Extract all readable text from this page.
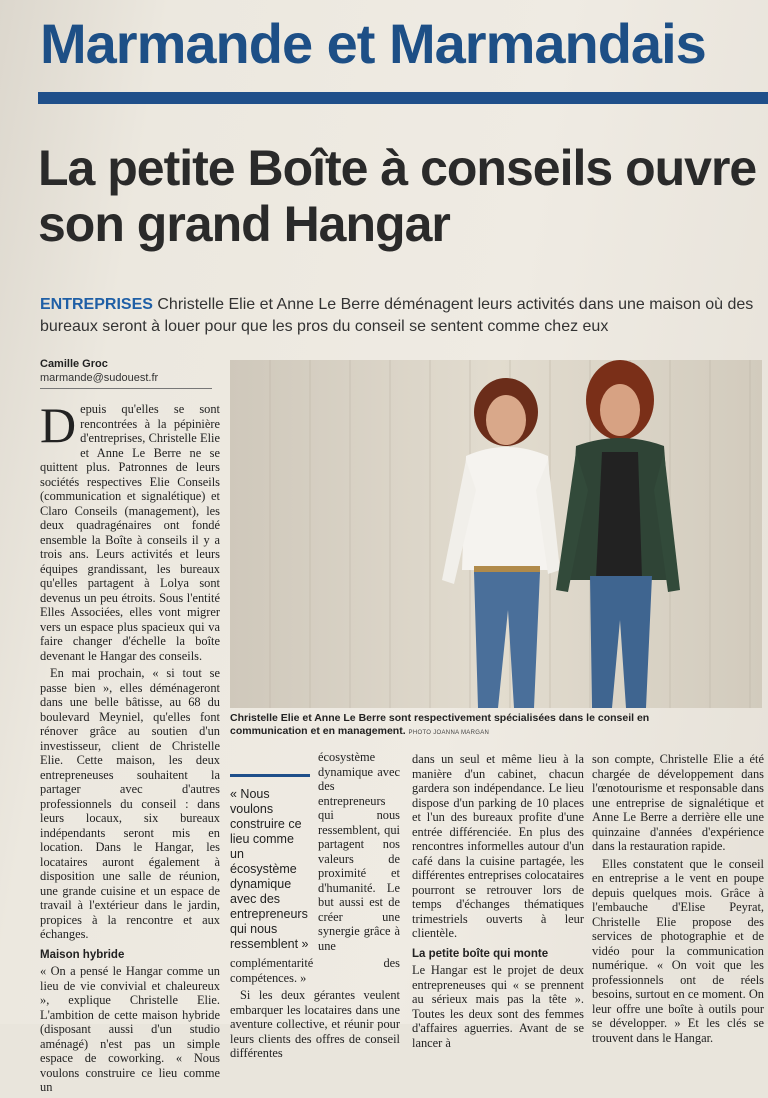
Marmande et Marmandais
La petite Boîte à conseils ouvre son grand Hangar
ENTREPRISES Christelle Elie et Anne Le Berre déménagent leurs activités dans une maison où des bureaux seront à louer pour que les pros du conseil se sentent comme chez eux
Camille Groc
marmande@sudouest.fr

Depuis qu'elles se sont rencontrées à la pépinière d'entreprises, Christelle Elie et Anne Le Berre ne se quittent plus. Patronnes de leurs sociétés respectives Elie Conseils (communication et signalétique) et Claro Conseils (management), les deux quadragénaires ont fondé ensemble la Boîte à conseils il y a trois ans. Leurs activités et leurs équipes grandissant, les bureaux qu'elles partagent à Lolya sont devenus un peu étroits. Sous l'entité Elles Associées, elles vont migrer vers un espace plus spacieux qui va faire changer d'échelle la boîte devenant le Hangar des conseils.

En mai prochain, « si tout se passe bien », elles déménageront dans une belle bâtisse, au 68 du boulevard Meyniel, qu'elles font rénover grâce au soutien d'un investisseur, client de Christelle Elie. Cette maison, les deux entrepreneuses souhaitent la partager avec d'autres professionnels du conseil : dans leurs locaux, six bureaux indépendants seront mis en location. Dans le Hangar, les locataires auront également à disposition une salle de réunion, une grande cuisine et un espace de travail à l'extérieur dans le jardin, propices à la rencontre et aux échanges.

Maison hybride

« On a pensé le Hangar comme un lieu de vie convivial et chaleureux », explique Christelle Elie. L'ambition de cette maison hybride (disposant aussi d'un studio aménagé) n'est pas un simple espace de coworking. « Nous voulons construire ce lieu comme un

Christelle Elie et Anne Le Berre sont respectivement spécialisées dans le conseil en communication et en management. PHOTO JOANNA MARGAN
« Nous voulons construire ce lieu comme un écosystème dynamique avec des entrepreneurs qui nous ressemblent »

écosystème dynamique avec des entrepreneurs qui nous ressemblent, qui partagent nos valeurs de proximité et d'humanité. Le but aussi est de créer une synergie grâce à une complémentarité des compétences. »

Si les deux gérantes veulent embarquer les locataires dans une aventure collective, et réunir pour leurs clients des offres de conseil différentes

dans un seul et même lieu à la manière d'un cabinet, chacun gardera son indépendance. Le lieu dispose d'un parking de 10 places et l'un des bureaux profite d'une entrée différenciée. En plus des rencontres informelles autour d'un café dans la cuisine partagée, les différentes entreprises colocataires pourront se retrouver lors de temps d'échanges thématiques trimestriels ouverts à leur clientèle.

La petite boîte qui monte

Le Hangar est le projet de deux entrepreneuses qui « se prennent au sérieux mais pas la tête ». Toutes les deux sont des femmes d'affaires aguerries. Avant de se lancer à

son compte, Christelle Elie a été chargée de développement dans l'œnotourisme et responsable dans une entreprise de signalétique et Anne Le Berre a derrière elle une quinzaine d'années d'expérience dans la restauration rapide.

Elles constatent que le conseil en entreprise a le vent en poupe depuis quelques mois. Grâce à l'embauche d'Elise Peyrat, Christelle Elie propose des services de photographie et de vidéo pour la communication numérique. « On voit que les professionnels ont de réels besoins, surtout en ce moment. On leur offre une boîte à outils pour se développer. » Et les clés se trouvent dans le Hangar.
